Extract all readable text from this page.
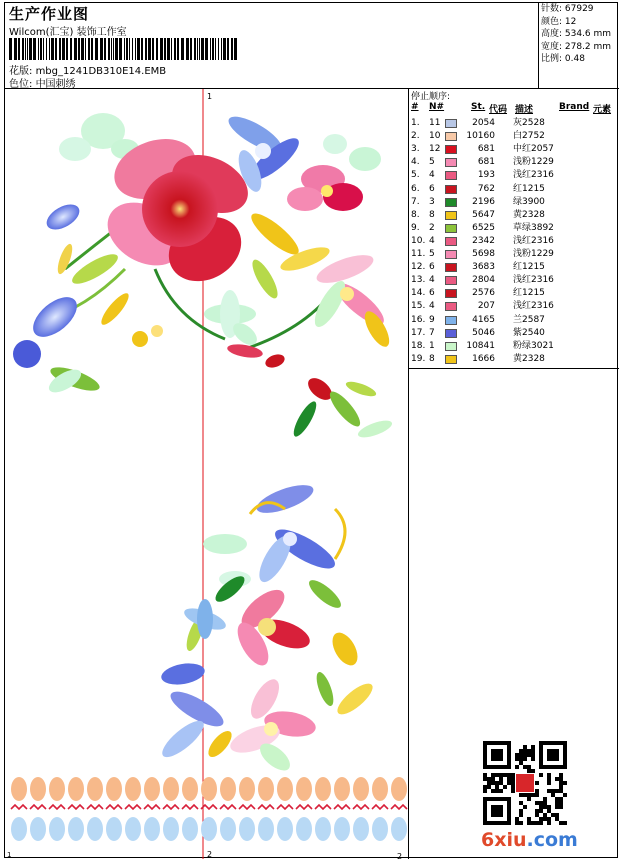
生产作业图
Wilcom(汇宝) 装饰工作室
花版: mbg_1241DB310E14.EMB
色位: 中国刺绣
针数: 67929
颜色: 12
高度: 534.6 mm
宽度: 278.2 mm
比例: 0.48
1
2	2
1
停止顺序:
# N#	St. 代码 描述	Brand 元素
1. 11	2054 灰2528
2. 10	10160 白2752
3. 12	681 中红2057
4. 5	681 浅粉1229
5. 4	193 浅红2316
6. 6	762 红1215
7. 3	2196 绿3900
8. 8	5647 黄2328
9. 2	6525 草绿3892
10. 4	2342 浅红2316
11. 5	5698 浅粉1229
12. 6	3683 红1215
13. 4	2804 浅红2316
14. 6	2576 红1215
15. 4	207 浅红2316
16. 9	4165 兰2587
17. 7	5046 紫2540
18. 1	10841 粉绿3021
19. 8	1666 黄2328
6xiu.com
